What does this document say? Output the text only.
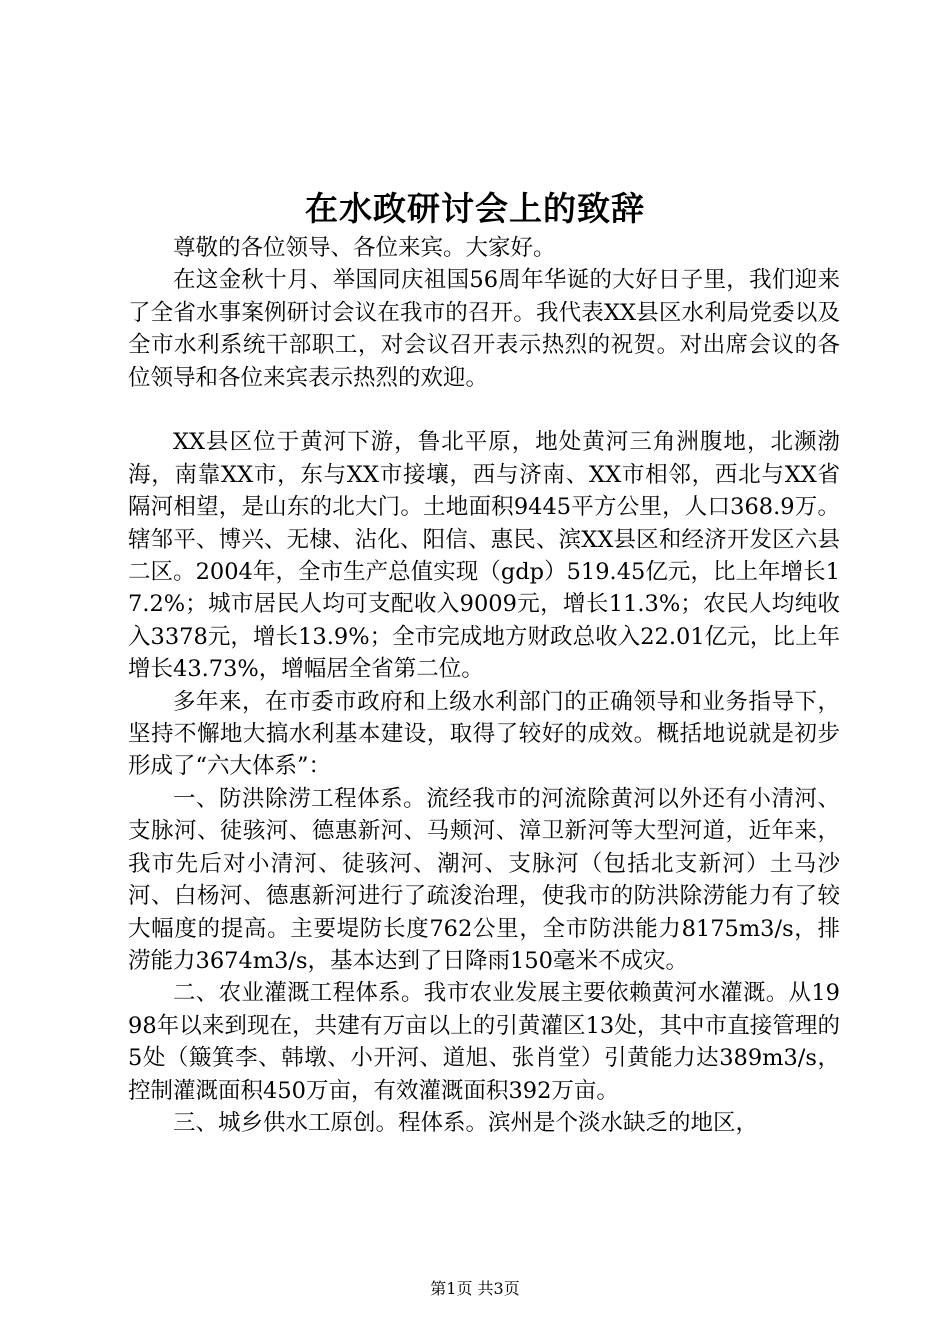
在水政研讨会上的致辞

尊敬的各位领导、各位来宾。大家好。

在这金秋十月、举国同庆祖国56周年华诞的大好日子里，我们迎来了全省水事案例研讨会议在我市的召开。我代表XX县区水利局党委以及全市水利系统干部职工，对会议召开表示热烈的祝贺。对出席会议的各位领导和各位来宾表示热烈的欢迎。

XX县区位于黄河下游，鲁北平原，地处黄河三角洲腹地，北濒渤海，南靠XX市，东与XX市接壤，西与济南、XX市相邻，西北与XX省隔河相望，是山东的北大门。土地面积9445平方公里，人口368.9万。辖邹平、博兴、无棣、沾化、阳信、惠民、滨XX县区和经济开发区六县二区。2004年，全市生产总值实现（gdp）519.45亿元，比上年增长17.2%；城市居民人均可支配收入9009元，增长11.3%；农民人均纯收入3378元，增长13.9%；全市完成地方财政总收入22.01亿元，比上年增长43.73%，增幅居全省第二位。

多年来，在市委市政府和上级水利部门的正确领导和业务指导下，坚持不懈地大搞水利基本建设，取得了较好的成效。概括地说就是初步形成了“六大体系”：

一、防洪除涝工程体系。流经我市的河流除黄河以外还有小清河、支脉河、徒骇河、德惠新河、马颊河、漳卫新河等大型河道，近年来，我市先后对小清河、徒骇河、潮河、支脉河（包括北支新河）土马沙河、白杨河、德惠新河进行了疏浚治理，使我市的防洪除涝能力有了较大幅度的提高。主要堤防长度762公里，全市防洪能力8175m3/s，排涝能力3674m3/s，基本达到了日降雨150毫米不成灾。

二、农业灌溉工程体系。我市农业发展主要依赖黄河水灌溉。从1998年以来到现在，共建有万亩以上的引黄灌区13处，其中市直接管理的5处（簸箕李、韩墩、小开河、道旭、张肖堂）引黄能力达389m3/s，控制灌溉面积450万亩，有效灌溉面积392万亩。

三、城乡供水工原创。程体系。滨州是个淡水缺乏的地区，

第1页 共3页
